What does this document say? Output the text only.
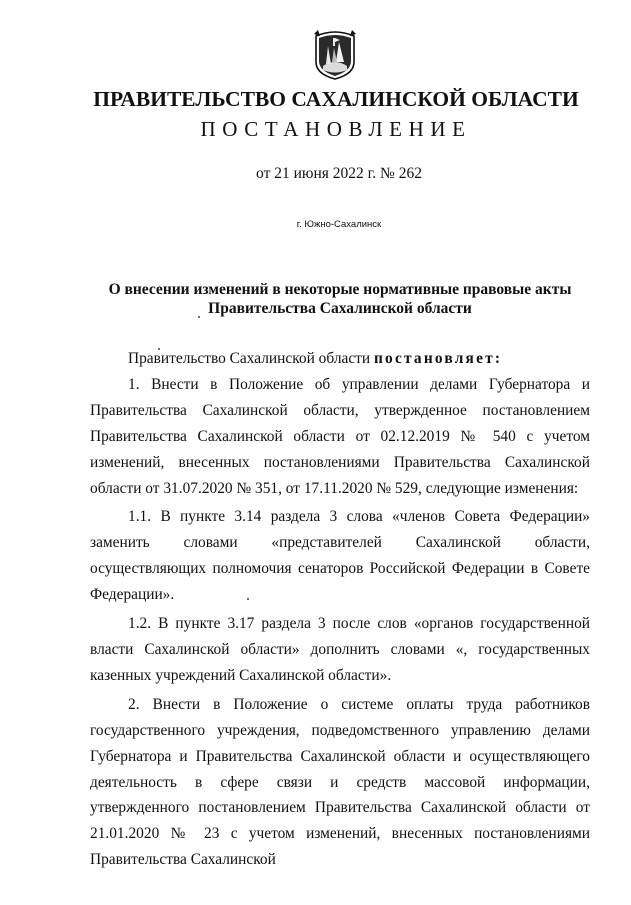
ПРАВИТЕЛЬСТВО САХАЛИНСКОЙ ОБЛАСТИ
ПОСТАНОВЛЕНИЕ
от 21 июня 2022 г. № 262
г. Южно-Сахалинск
О внесении изменений в некоторые нормативные правовые акты
Правительства Сахалинской области

Правительство Сахалинской области постановляет:

1. Внести в Положение об управлении делами Губернатора и Правительства Сахалинской области, утвержденное постановлением Правительства Сахалинской области от 02.12.2019 № 540 с учетом изменений, внесенных постановлениями Правительства Сахалинской области от 31.07.2020 № 351, от 17.11.2020 № 529, следующие изменения:

1.1. В пункте 3.14 раздела 3 слова «членов Совета Федерации» заменить словами «представителей Сахалинской области, осуществляющих полномочия сенаторов Российской Федерации в Совете Федерации».

1.2. В пункте 3.17 раздела 3 после слов «органов государственной власти Сахалинской области» дополнить словами «, государственных казенных учреждений Сахалинской области».

2. Внести в Положение о системе оплаты труда работников государственного учреждения, подведомственного управлению делами Губернатора и Правительства Сахалинской области и осуществляющего деятельность в сфере связи и средств массовой информации, утвержденного постановлением Правительства Сахалинской области от 21.01.2020 № 23 с учетом изменений, внесенных постановлениями Правительства Сахалинской
